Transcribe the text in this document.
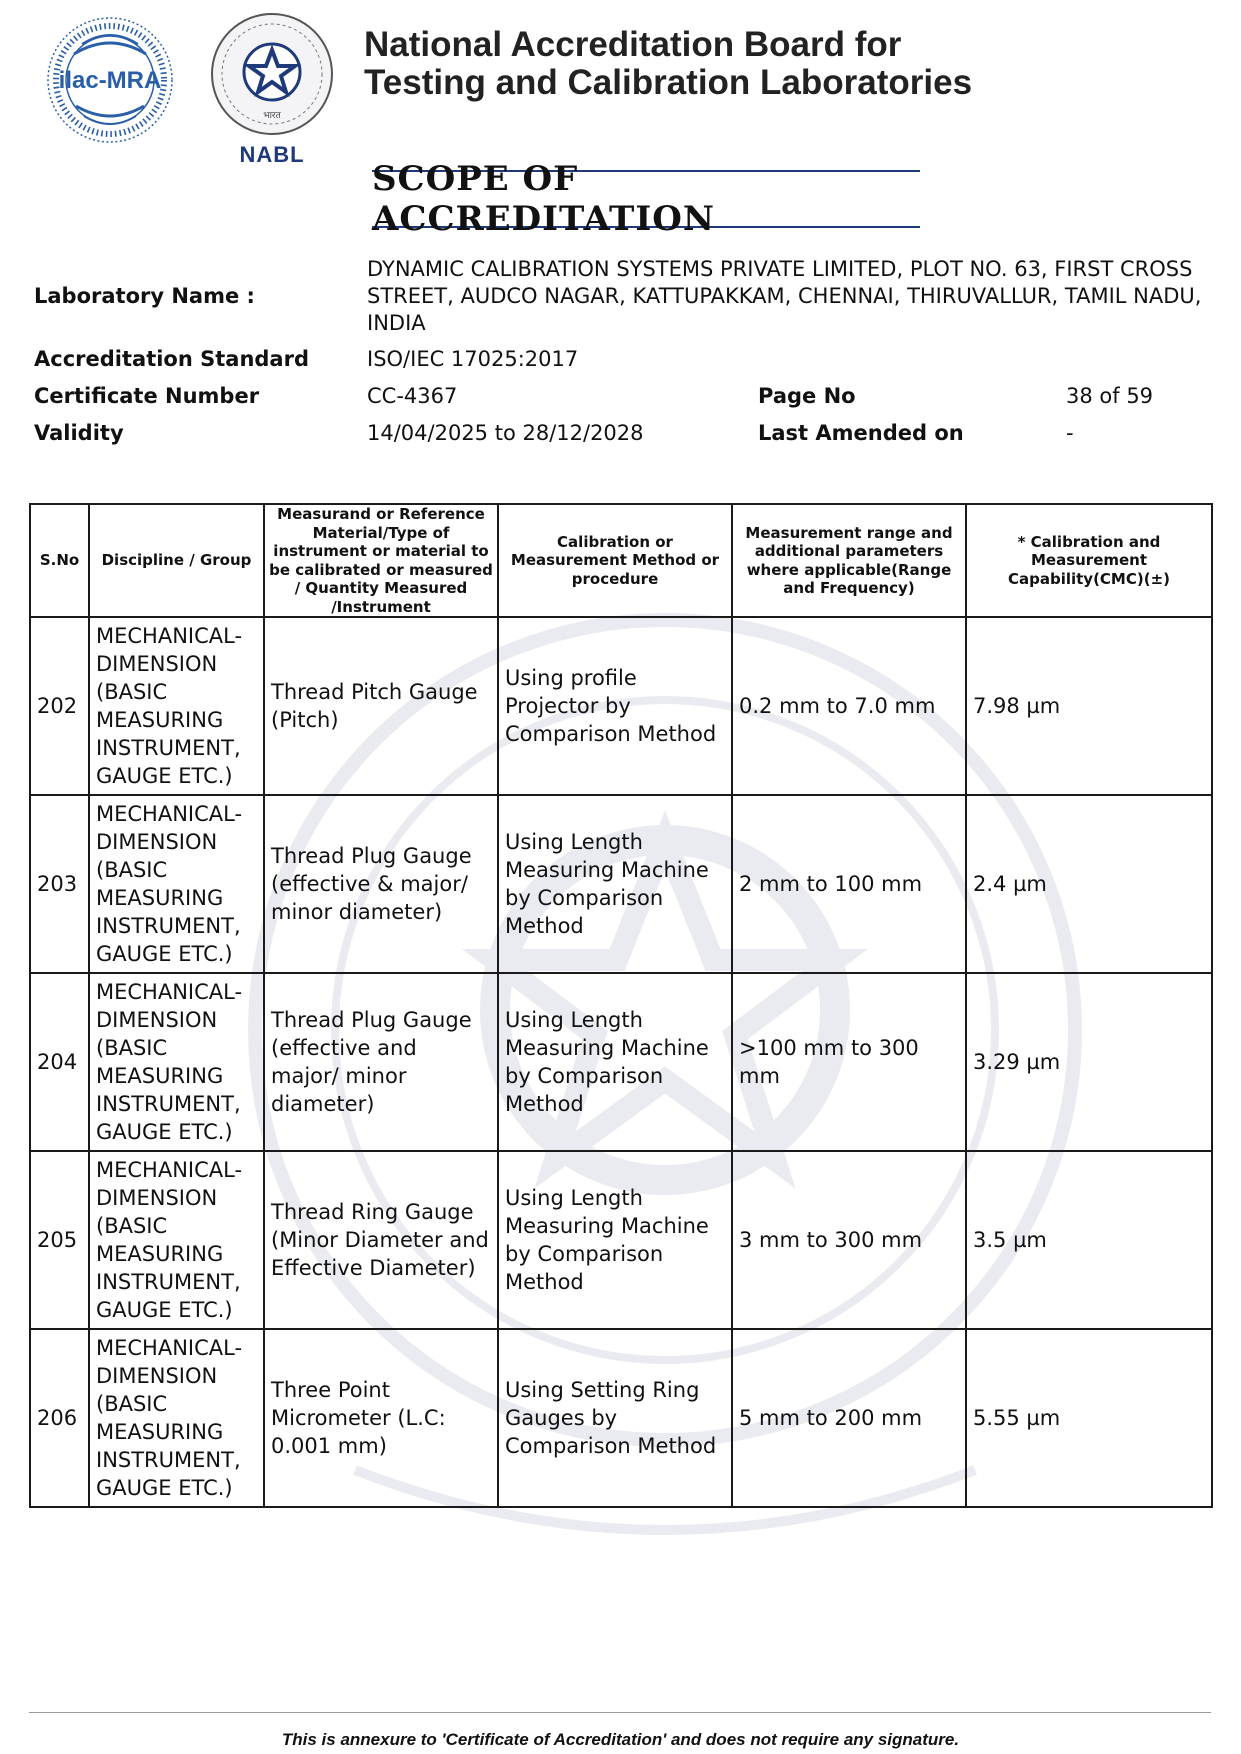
ilac-MRA
भारत
NABL
National Accreditation Board for
Testing and Calibration Laboratories
SCOPE OF ACCREDITATION
Laboratory Name :
DYNAMIC CALIBRATION SYSTEMS PRIVATE LIMITED, PLOT NO. 63, FIRST CROSS STREET, AUDCO NAGAR, KATTUPAKKAM, CHENNAI, THIRUVALLUR, TAMIL NADU, INDIA
Accreditation Standard	ISO/IEC 17025:2017
Certificate Number	CC-4367	Page No	38 of 59
Validity	14/04/2025 to 28/12/2028	Last Amended on	-
S.No	Discipline / Group	Measurand or Reference Material/Type of instrument or material to be calibrated or measured / Quantity Measured /Instrument	Calibration or Measurement Method or procedure	Measurement range and additional parameters where applicable(Range and Frequency)	* Calibration and Measurement Capability(CMC)(±)
202	MECHANICAL- DIMENSION (BASIC MEASURING INSTRUMENT, GAUGE ETC.)	Thread Pitch Gauge (Pitch)	Using profile Projector by Comparison Method	0.2 mm to 7.0 mm	7.98 µm
203	MECHANICAL- DIMENSION (BASIC MEASURING INSTRUMENT, GAUGE ETC.)	Thread Plug Gauge (effective & major/ minor diameter)	Using Length Measuring Machine by Comparison Method	2 mm to 100 mm	2.4 µm
204	MECHANICAL- DIMENSION (BASIC MEASURING INSTRUMENT, GAUGE ETC.)	Thread Plug Gauge (effective and major/ minor diameter)	Using Length Measuring Machine by Comparison Method	>100 mm to 300 mm	3.29 µm
205	MECHANICAL- DIMENSION (BASIC MEASURING INSTRUMENT, GAUGE ETC.)	Thread Ring Gauge (Minor Diameter and Effective Diameter)	Using Length Measuring Machine by Comparison Method	3 mm to 300 mm	3.5 µm
206	MECHANICAL- DIMENSION (BASIC MEASURING INSTRUMENT, GAUGE ETC.)	Three Point Micrometer (L.C: 0.001 mm)	Using Setting Ring Gauges by Comparison Method	5 mm to 200 mm	5.55 µm
This is annexure to 'Certificate of Accreditation' and does not require any signature.
